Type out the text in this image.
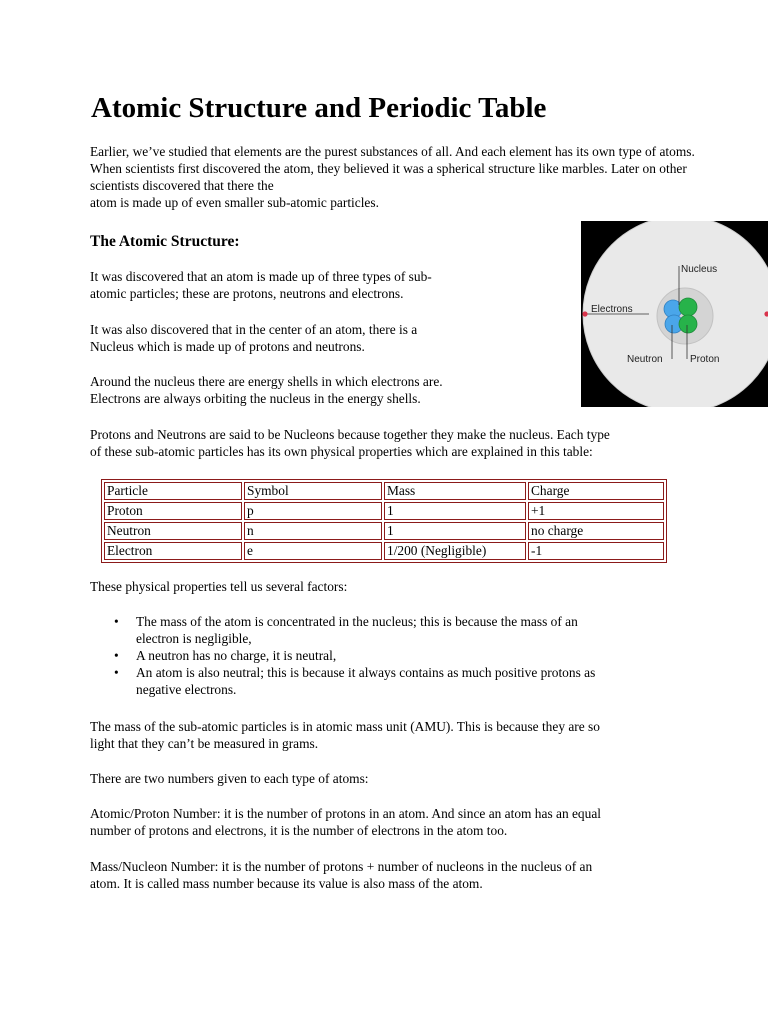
Atomic Structure and Periodic Table
Earlier, we’ve studied that elements are the purest substances of all. And each element has its own type of atoms.
When scientists first discovered the atom, they believed it was a spherical structure like marbles. Later on other
scientists discovered that there the
atom is made up of even smaller sub-atomic particles.
The Atomic Structure:
It was discovered that an atom is made up of three types of sub-
atomic particles; these are protons, neutrons and electrons.
It was also discovered that in the center of an atom, there is a
Nucleus which is made up of protons and neutrons.
Around the nucleus there are energy shells in which electrons are.
Electrons are always orbiting the nucleus in the energy shells.
Nucleus
Electrons
Neutron	Proton
Protons and Neutrons are said to be Nucleons because together they make the nucleus. Each type
of these sub-atomic particles has its own physical properties which are explained in this table:
Particle	Symbol	Mass	Charge
Proton	p	1	+1
Neutron	n	1	no charge
Electron	e	1/200 (Negligible)	-1
These physical properties tell us several factors:
• The mass of the atom is concentrated in the nucleus; this is because the mass of an
electron is negligible,
• A neutron has no charge, it is neutral,
• An atom is also neutral; this is because it always contains as much positive protons as
negative electrons.
The mass of the sub-atomic particles is in atomic mass unit (AMU). This is because they are so
light that they can’t be measured in grams.
There are two numbers given to each type of atoms:
Atomic/Proton Number: it is the number of protons in an atom. And since an atom has an equal
number of protons and electrons, it is the number of electrons in the atom too.
Mass/Nucleon Number: it is the number of protons + number of nucleons in the nucleus of an
atom. It is called mass number because its value is also mass of the atom.
